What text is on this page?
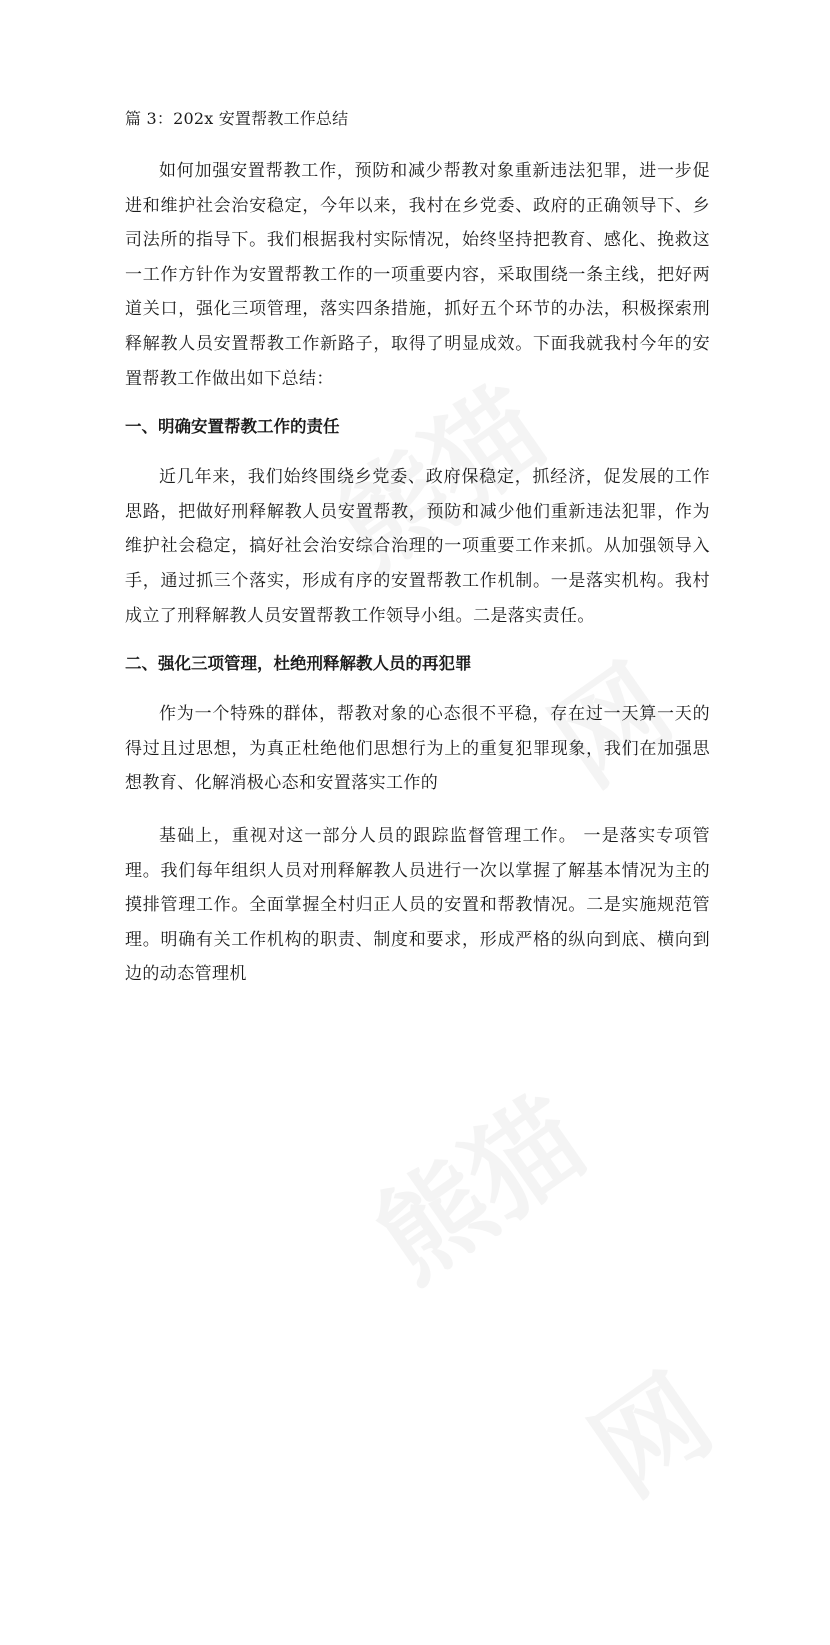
篇 3：202x 安置帮教工作总结

如何加强安置帮教工作，预防和减少帮教对象重新违法犯罪，进一步促进和维护社会治安稳定，今年以来，我村在乡党委、政府的正确领导下、乡司法所的指导下。我们根据我村实际情况，始终坚持把教育、感化、挽救这一工作方针作为安置帮教工作的一项重要内容，采取围绕一条主线，把好两道关口，强化三项管理，落实四条措施，抓好五个环节的办法，积极探索刑释解教人员安置帮教工作新路子，取得了明显成效。下面我就我村今年的安置帮教工作做出如下总结：

一、明确安置帮教工作的责任

近几年来，我们始终围绕乡党委、政府保稳定，抓经济，促发展的工作思路，把做好刑释解教人员安置帮教，预防和减少他们重新违法犯罪，作为维护社会稳定，搞好社会治安综合治理的一项重要工作来抓。从加强领导入手，通过抓三个落实，形成有序的安置帮教工作机制。一是落实机构。我村成立了刑释解教人员安置帮教工作领导小组。二是落实责任。

二、强化三项管理，杜绝刑释解教人员的再犯罪

作为一个特殊的群体，帮教对象的心态很不平稳，存在过一天算一天的得过且过思想，为真正杜绝他们思想行为上的重复犯罪现象，我们在加强思想教育、化解消极心态和安置落实工作的

基础上，重视对这一部分人员的跟踪监督管理工作。 一是落实专项管理。我们每年组织人员对刑释解教人员进行一次以掌握了解基本情况为主的摸排管理工作。全面掌握全村归正人员的安置和帮教情况。二是实施规范管理。明确有关工作机构的职责、制度和要求，形成严格的纵向到底、横向到边的动态管理机
